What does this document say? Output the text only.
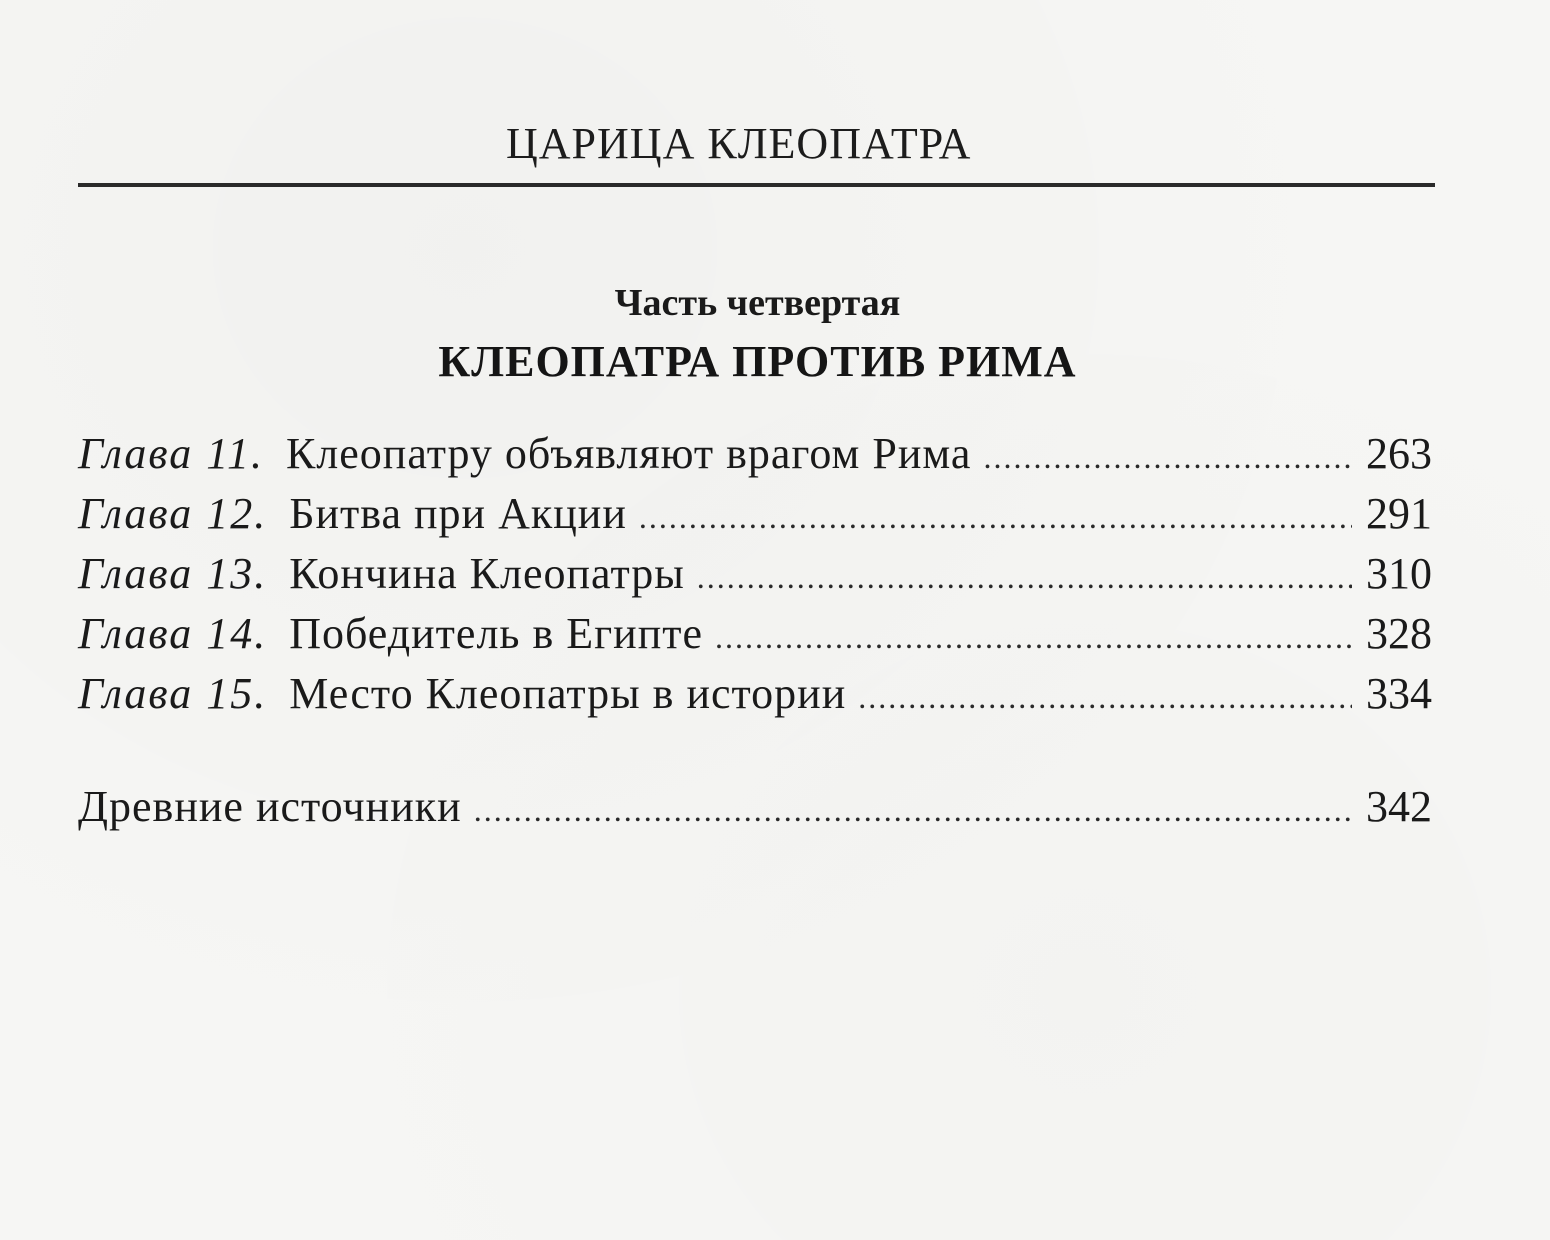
ЦАРИЦА КЛЕОПАТРА
Часть четвертая
КЛЕОПАТРА ПРОТИВ РИМА
Глава 11. Клеопатру объявляют врагом Рима .....	263
Глава 12. Битва при Акции .....	291
Глава 13. Кончина Клеопатры .....	310
Глава 14. Победитель в Египте .....	328
Глава 15. Место Клеопатры в истории .....	334
Древние источники .....	342
